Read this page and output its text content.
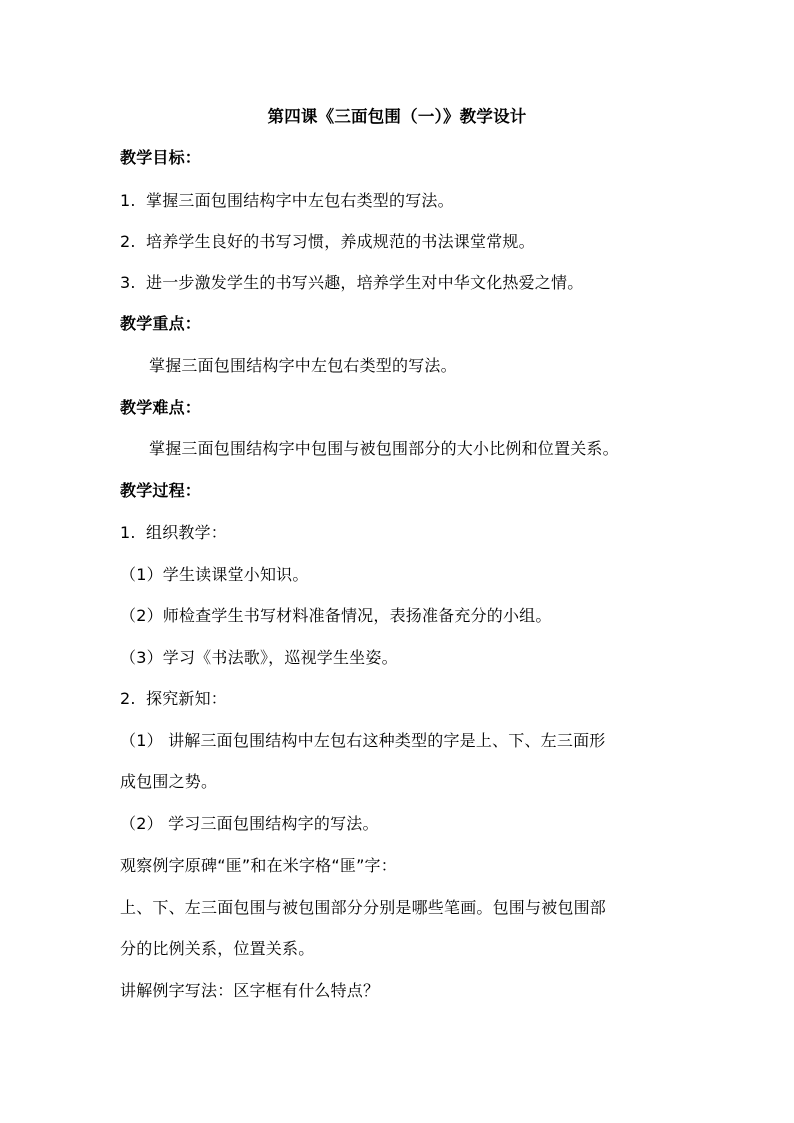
第四课《三面包围（一）》教学设计
教学目标：
1. 掌握三面包围结构字中左包右类型的写法。
2. 培养学生良好的书写习惯，养成规范的书法课堂常规。
3. 进一步激发学生的书写兴趣，培养学生对中华文化热爱之情。
教学重点：
掌握三面包围结构字中左包右类型的写法。
教学难点：
掌握三面包围结构字中包围与被包围部分的大小比例和位置关系。
教学过程：
1. 组织教学：
（1）学生读课堂小知识。
（2）师检查学生书写材料准备情况，表扬准备充分的小组。
（3）学习《书法歌》，巡视学生坐姿。
2. 探究新知：
（1） 讲解三面包围结构中左包右这种类型的字是上、下、左三面形
成包围之势。
（2） 学习三面包围结构字的写法。
观察例字原碑“匪”和在米字格“匪”字：
上、下、左三面包围与被包围部分分别是哪些笔画。包围与被包围部
分的比例关系，位置关系。
讲解例字写法：区字框有什么特点？
